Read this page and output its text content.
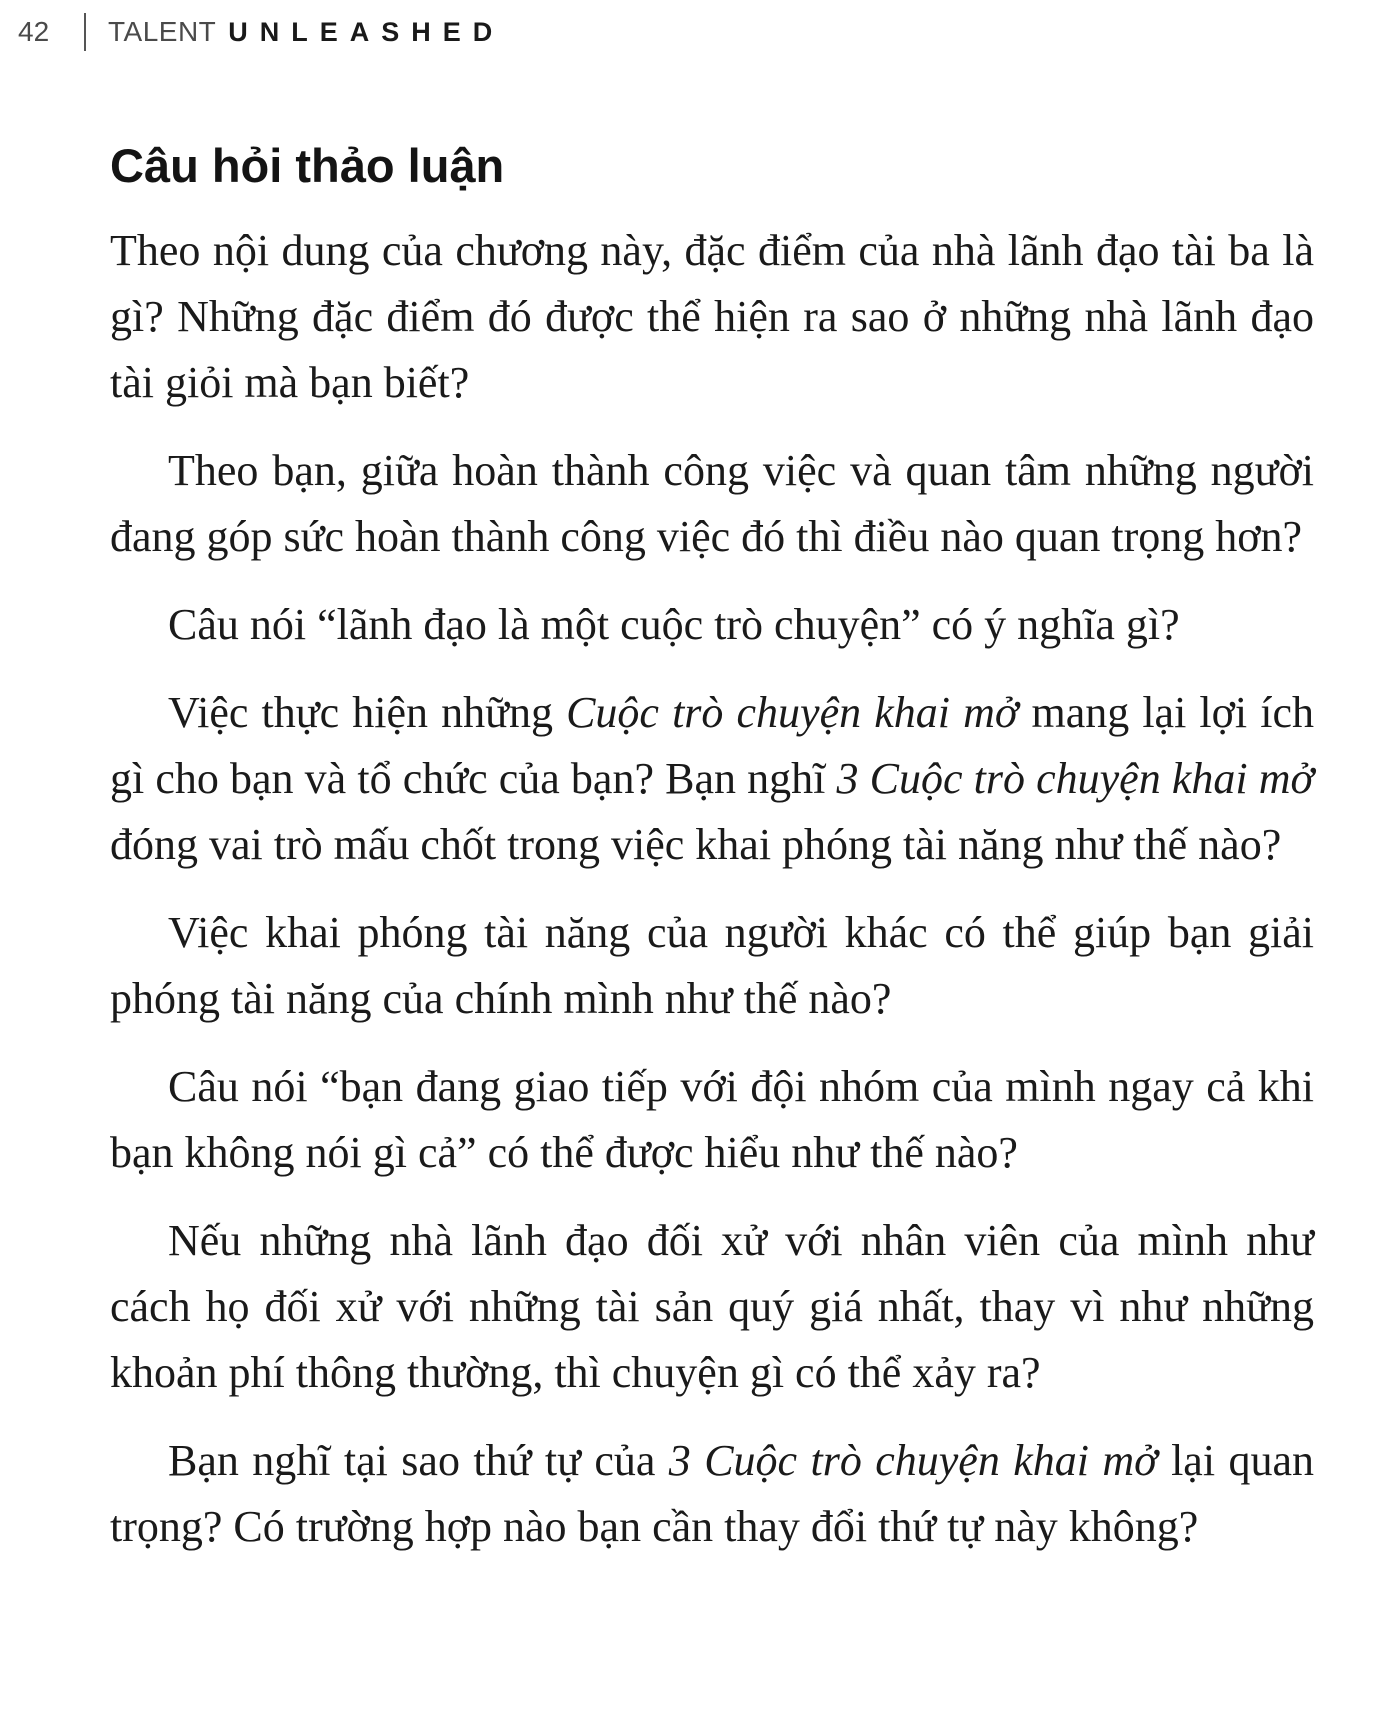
42	TALENT UNLEASHED
Câu hỏi thảo luận

Theo nội dung của chương này, đặc điểm của nhà lãnh đạo tài ba là gì? Những đặc điểm đó được thể hiện ra sao ở những nhà lãnh đạo tài giỏi mà bạn biết?

Theo bạn, giữa hoàn thành công việc và quan tâm những người đang góp sức hoàn thành công việc đó thì điều nào quan trọng hơn?

Câu nói “lãnh đạo là một cuộc trò chuyện” có ý nghĩa gì?

Việc thực hiện những Cuộc trò chuyện khai mở mang lại lợi ích gì cho bạn và tổ chức của bạn? Bạn nghĩ 3 Cuộc trò chuyện khai mở đóng vai trò mấu chốt trong việc khai phóng tài năng như thế nào?

Việc khai phóng tài năng của người khác có thể giúp bạn giải phóng tài năng của chính mình như thế nào?

Câu nói “bạn đang giao tiếp với đội nhóm của mình ngay cả khi bạn không nói gì cả” có thể được hiểu như thế nào?

Nếu những nhà lãnh đạo đối xử với nhân viên của mình như cách họ đối xử với những tài sản quý giá nhất, thay vì như những khoản phí thông thường, thì chuyện gì có thể xảy ra?

Bạn nghĩ tại sao thứ tự của 3 Cuộc trò chuyện khai mở lại quan trọng? Có trường hợp nào bạn cần thay đổi thứ tự này không?
